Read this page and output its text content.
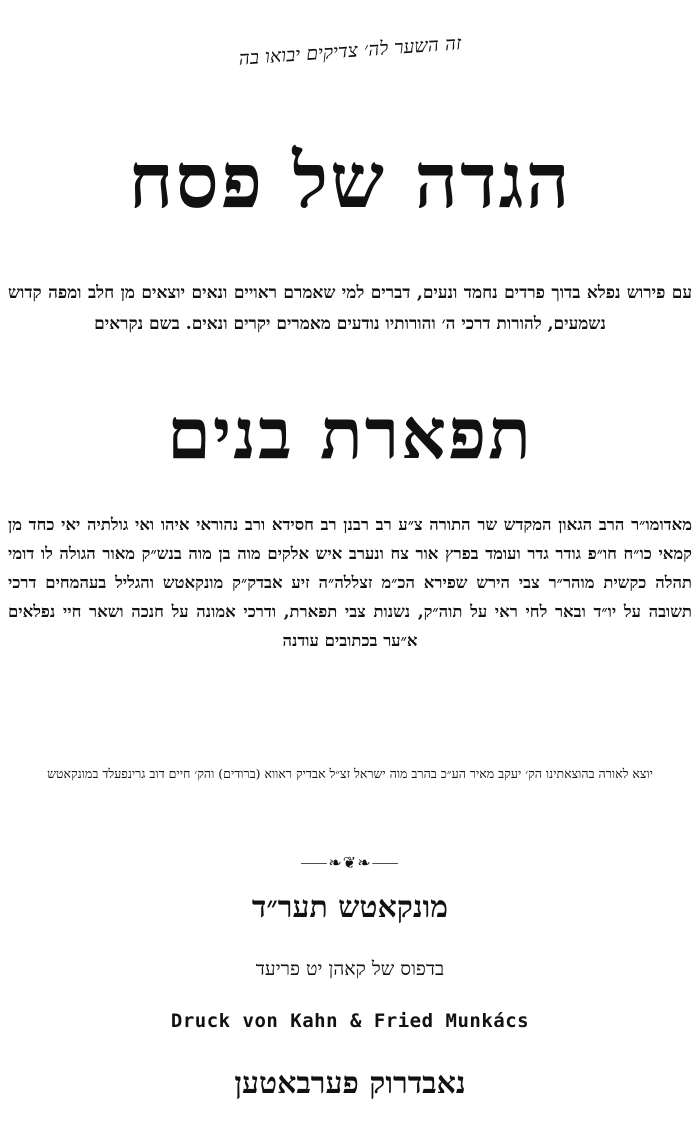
זה השער לה׳ צדיקים יבואו בה
הגדה של פסח
עם פירוש נפלא בדוך פרדים נחמד ונעים, דברים למי שאמרם ראויים ונאים יוצאים מן חלב ומפה קדוש נשמעים, להורות דרכי ה׳ והורותיו נודעים מאמרים יקרים ונאים. בשם נקראים
תפארת בנים
מאדומו״ר הרב הגאון המקדש שר התורה צ״ע רב רבנן רב חסידא ורב נהוראי איהו ואי גולתיה יאי כחד מן קמאי כו״ח חו״פ גודר גדר ועומד בפרץ אור צח ונערב איש אלקים מוה בן מוה בנש״ק מאור הגולה לו דומי תהלה כקשית מוהר״ר צבי הירש שפירא הכ״מ זצללה״ה זיע אבדק״ק מונקאטש והגליל בעהמחים דרכי תשובה על יו״ד ובאר לחי ראי על תוה״ק, נשנות צבי תפארת, ודרכי אמונה על חנכה ושאר חיי נפלאים א״ער בכתובים עודנה
יוצא לאורה בהוצאתינו הק׳ יעקב מאיר הע״כ בהרב מוה ישראל זצ״ל אבדיק ראווא (ברודים) והק׳ חיים דוב גרינפעלד במונקאטש
⸺❧❦❧⸺
מונקאטש תער״ד
בדפוס של קאהן יט פריעד
Druck von Kahn & Fried Munkács
נאבדרוק פערבאטען
